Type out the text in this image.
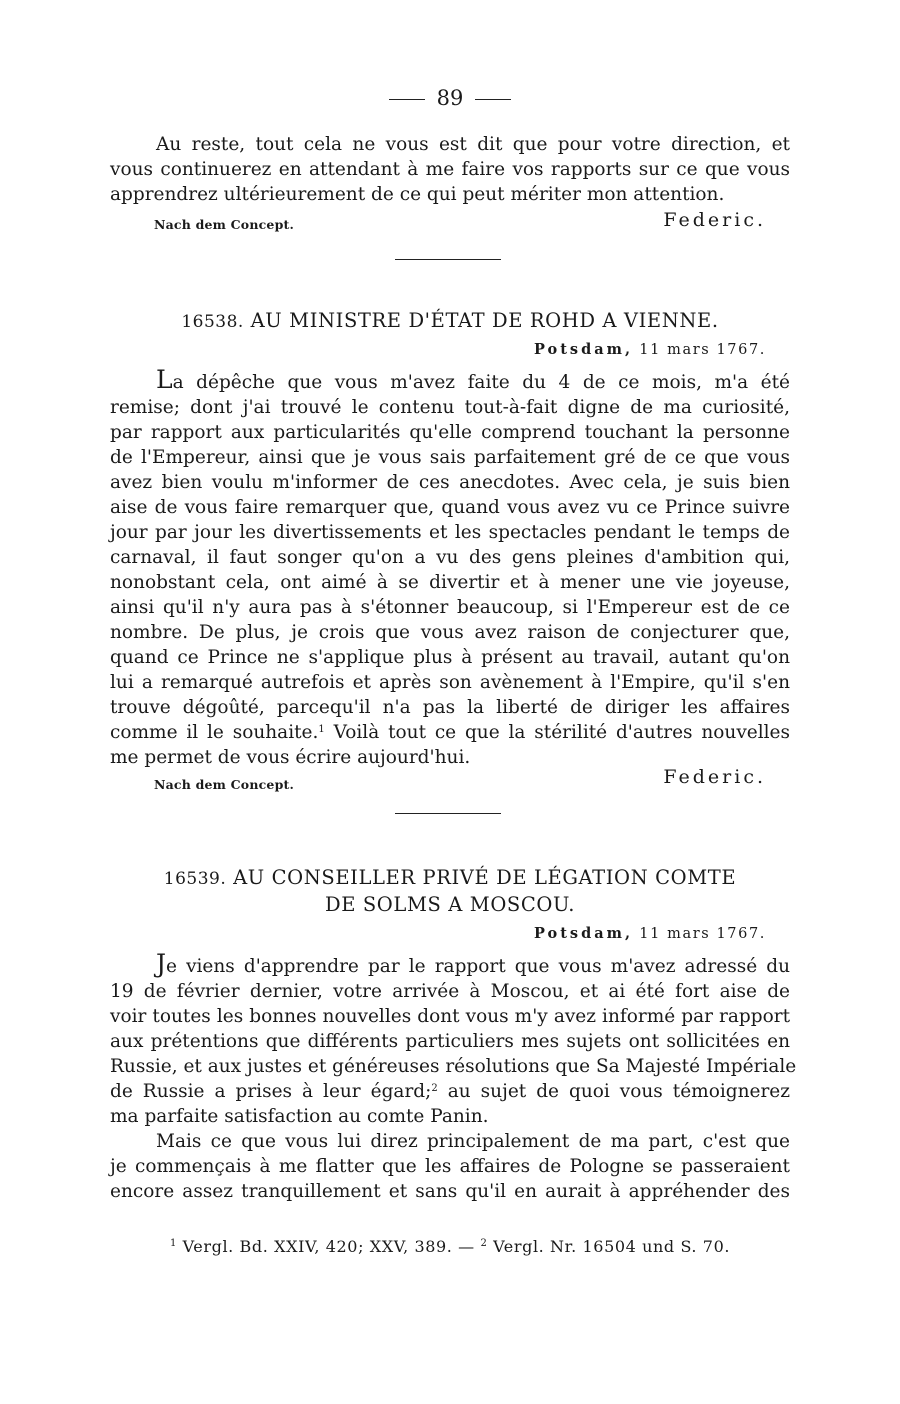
89
Au reste, tout cela ne vous est dit que pour votre direction, et
vous continuerez en attendant à me faire vos rapports sur ce que vous
apprendrez ultérieurement de ce qui peut mériter mon attention.
Nach dem Concept.	Federic.
16538. AU MINISTRE D'ÉTAT DE ROHD A VIENNE.
Potsdam, 11 mars 1767.
La dépêche que vous m'avez faite du 4 de ce mois, m'a été
remise; dont j'ai trouvé le contenu tout-à-fait digne de ma curiosité,
par rapport aux particularités qu'elle comprend touchant la personne
de l'Empereur, ainsi que je vous sais parfaitement gré de ce que vous
avez bien voulu m'informer de ces anecdotes. Avec cela, je suis bien
aise de vous faire remarquer que, quand vous avez vu ce Prince suivre
jour par jour les divertissements et les spectacles pendant le temps de
carnaval, il faut songer qu'on a vu des gens pleines d'ambition qui,
nonobstant cela, ont aimé à se divertir et à mener une vie joyeuse,
ainsi qu'il n'y aura pas à s'étonner beaucoup, si l'Empereur est de ce
nombre. De plus, je crois que vous avez raison de conjecturer que,
quand ce Prince ne s'applique plus à présent au travail, autant qu'on
lui a remarqué autrefois et après son avènement à l'Empire, qu'il s'en
trouve dégoûté, parcequ'il n'a pas la liberté de diriger les affaires
comme il le souhaite.$^1$ Voilà tout ce que la stérilité d'autres nouvelles
me permet de vous écrire aujourd'hui.
Nach dem Concept.	Federic.
16539. AU CONSEILLER PRIVÉ DE LÉGATION COMTE
DE SOLMS A MOSCOU.
Potsdam, 11 mars 1767.
Je viens d'apprendre par le rapport que vous m'avez adressé du
19 de février dernier, votre arrivée à Moscou, et ai été fort aise de
voir toutes les bonnes nouvelles dont vous m'y avez informé par rapport
aux prétentions que différents particuliers mes sujets ont sollicitées en
Russie, et aux justes et généreuses résolutions que Sa Majesté Impériale
de Russie a prises à leur égard;$^2$ au sujet de quoi vous témoignerez
ma parfaite satisfaction au comte Panin.
Mais ce que vous lui direz principalement de ma part, c'est que
je commençais à me flatter que les affaires de Pologne se passeraient
encore assez tranquillement et sans qu'il en aurait à appréhender des
$^1$ Vergl. Bd. XXIV, 420; XXV, 389. — $^2$ Vergl. Nr. 16504 und S. 70.
